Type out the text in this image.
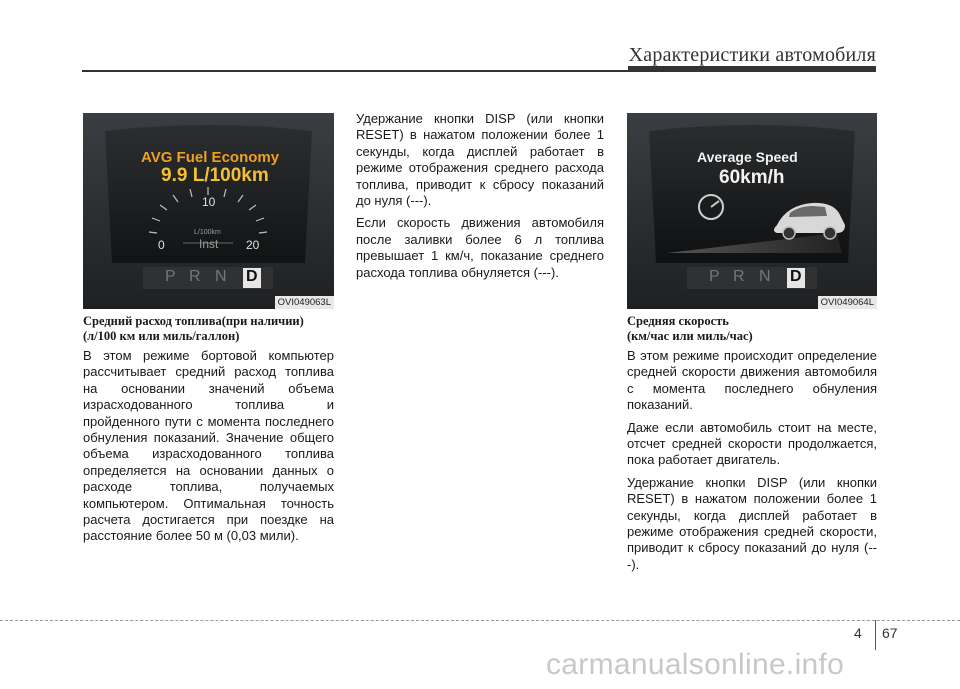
Характеристики автомобиля
AVG Fuel Economy
9.9 L/100km
10
0	20
L/100km
Inst
P R N D
OVI049063L
Average Speed
60km/h
P R N D
OVI049064L
Средний расход топлива(при наличии)
(л/100 км или миль/галлон)

В этом режиме бортовой компьютер рассчитывает средний расход топлива на основании значений объема израсходованного топлива и пройденного пути с момента последнего обнуления показаний. Значение общего объема израсходованного топлива определяется на основании данных о расходе топлива, получаемых компьютером. Оптимальная точность расчета достигается при поездке на расстояние более 50 м (0,03 мили).

Удержание кнопки DISP (или кнопки RESET) в нажатом положении более 1 секунды, когда дисплей работает в режиме отображения среднего расхода топлива, приводит к сбросу показаний до нуля (---).

Если скорость движения автомобиля после заливки более 6 л топлива превышает 1 км/ч, показание среднего расхода топлива обнуляется (---).

Средняя скорость
(км/час или миль/час)

В этом режиме происходит определение средней скорости движения автомобиля с момента последнего обнуления показаний.

Даже если автомобиль стоит на месте, отсчет средней скорости продолжается, пока работает двигатель.

Удержание кнопки DISP (или кнопки RESET) в нажатом положении более 1 секунды, когда дисплей работает в режиме отображения средней скорости, приводит к сбросу показаний до нуля (---).

4 67
carmanualsonline.info
